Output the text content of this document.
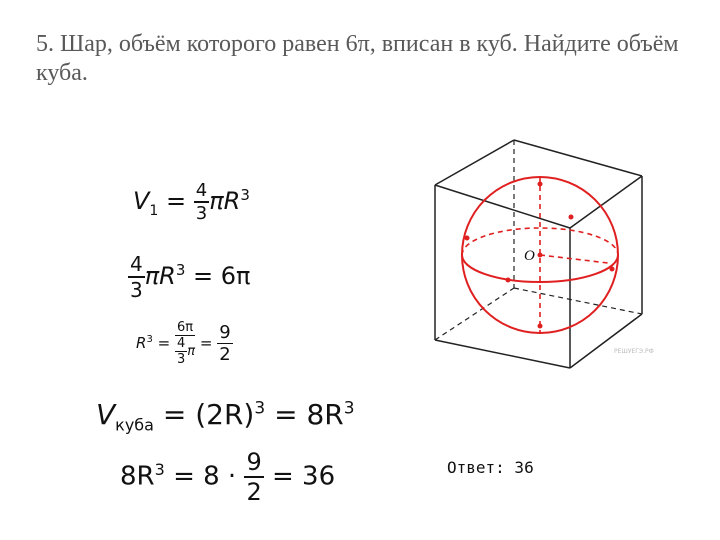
5. Шар, объём которого равен 6π, вписан в куб. Найдите объём куба.

$V_1 = \frac{4}{3} \pi R^3$
$\frac{4}{3} \pi R^3 = 6\pi$
$R^3 = \frac{6\pi}{\frac{4}{3} \pi} = \frac{9}{2}$
$V_{куба} = (2R)^3 = 8R^3$
$8R^3 = 8 \cdot \frac{9}{2} = 36$
O
РЕШУЕГЭ.РФ
Ответ: 36
